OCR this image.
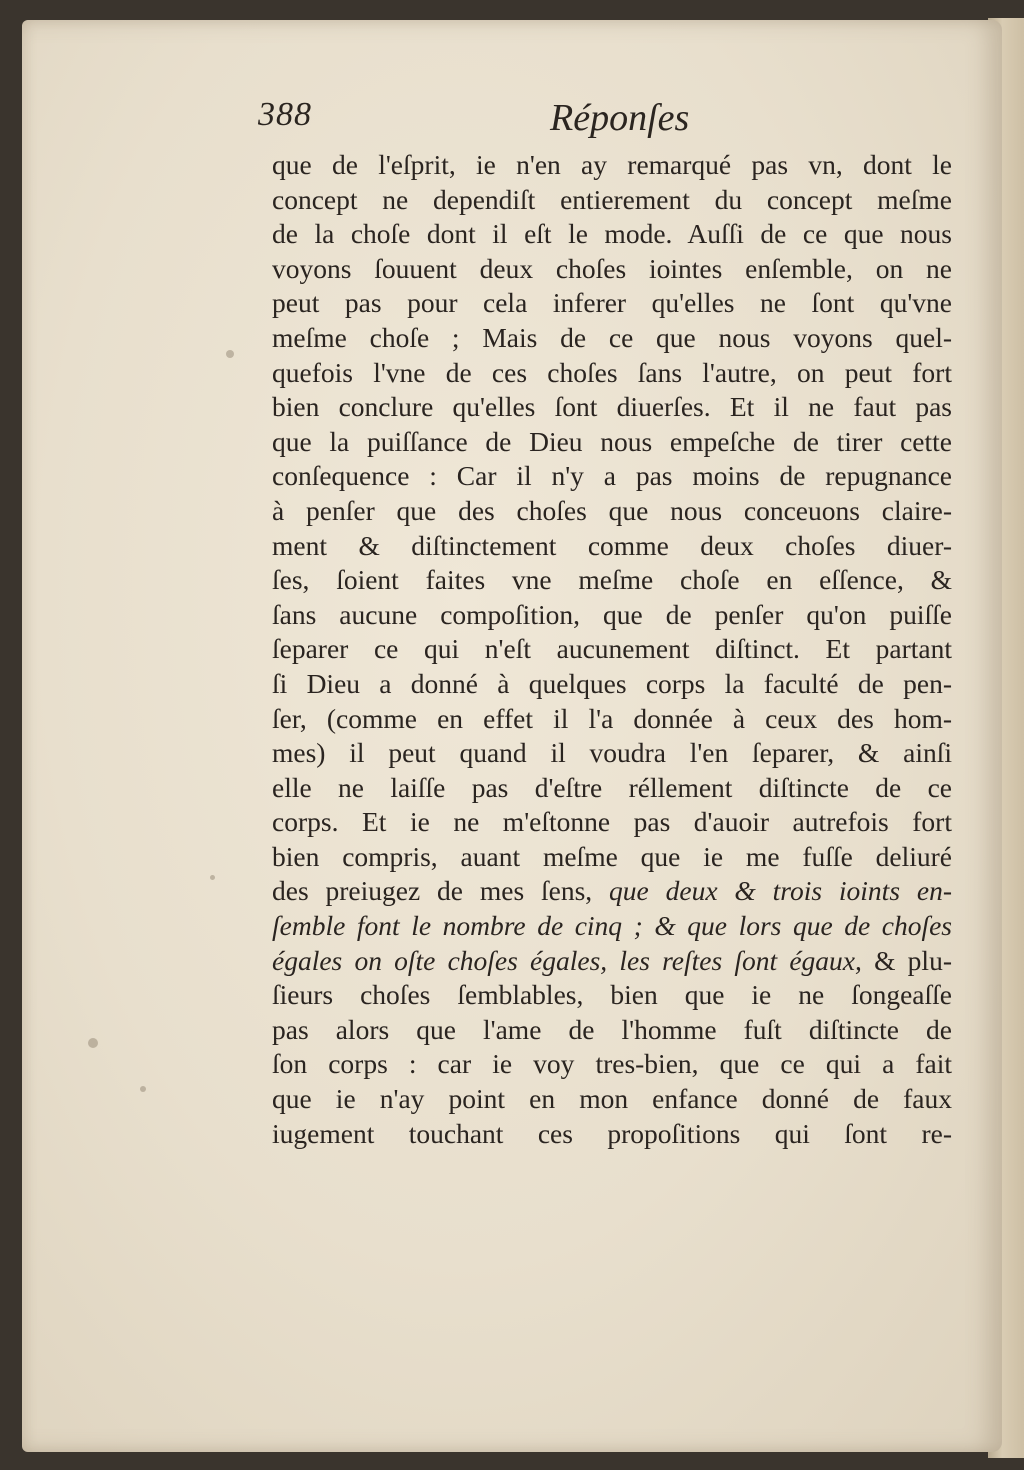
388	Réponſes
que de l'eſprit, ie n'en ay remarqué pas vn, dont le
concept ne dependiſt entierement du concept meſme
de la choſe dont il eſt le mode. Auſſi de ce que nous
voyons ſouuent deux choſes iointes enſemble, on ne
peut pas pour cela inferer qu'elles ne ſont qu'vne
meſme choſe ; Mais de ce que nous voyons quel-
quefois l'vne de ces choſes ſans l'autre, on peut fort
bien conclure qu'elles ſont diuerſes. Et il ne faut pas
que la puiſſance de Dieu nous empeſche de tirer cette
conſequence : Car il n'y a pas moins de repugnance
à penſer que des choſes que nous conceuons claire-
ment & diſtinctement comme deux choſes diuer-
ſes, ſoient faites vne meſme choſe en eſſence, &
ſans aucune compoſition, que de penſer qu'on puiſſe
ſeparer ce qui n'eſt aucunement diſtinct. Et partant
ſi Dieu a donné à quelques corps la faculté de pen-
ſer, (comme en effet il l'a donnée à ceux des hom-
mes) il peut quand il voudra l'en ſeparer, & ainſi
elle ne laiſſe pas d'eſtre réllement diſtincte de ce
corps. Et ie ne m'eſtonne pas d'auoir autrefois fort
bien compris, auant meſme que ie me fuſſe deliuré
des preiugez de mes ſens, que deux & trois ioints en-
ſemble font le nombre de cinq ; & que lors que de choſes
égales on oſte choſes égales, les reſtes ſont égaux, & plu-
ſieurs choſes ſemblables, bien que ie ne ſongeaſſe
pas alors que l'ame de l'homme fuſt diſtincte de
ſon corps : car ie voy tres-bien, que ce qui a fait
que ie n'ay point en mon enfance donné de faux
iugement touchant ces propoſitions qui ſont re-
